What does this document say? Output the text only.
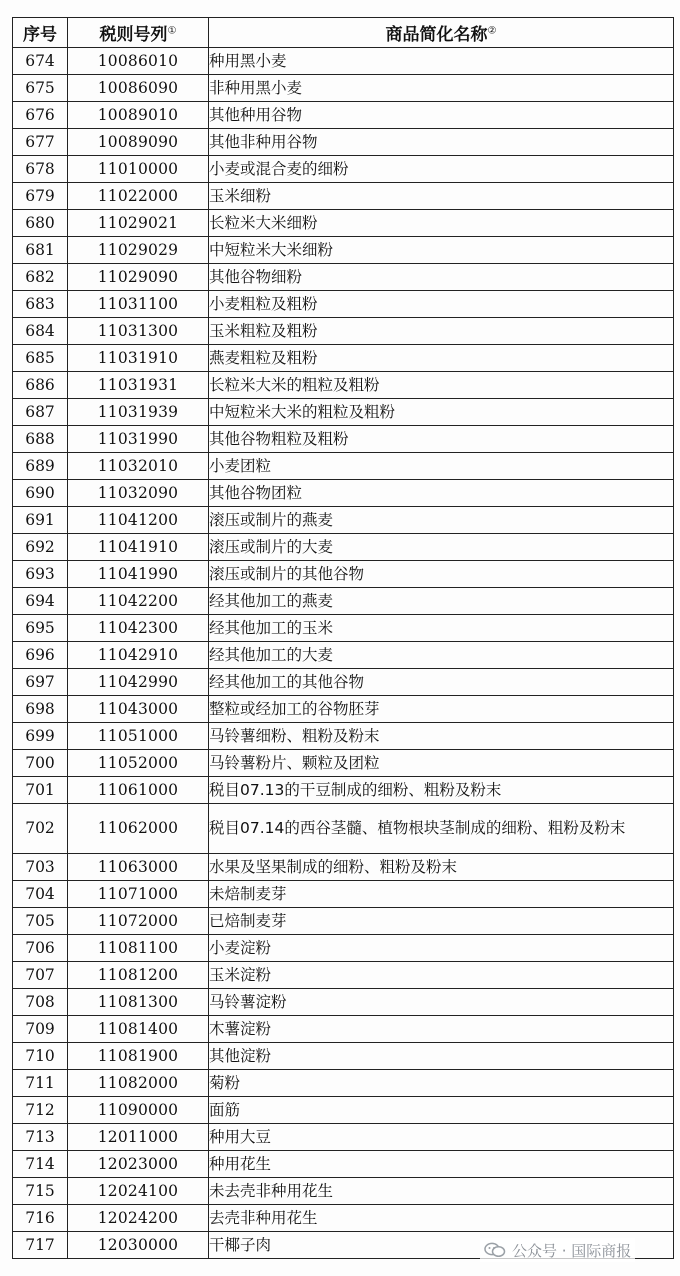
序号	税则号列①	商品简化名称②
674	10086010	种用黑小麦
675	10086090	非种用黑小麦
676	10089010	其他种用谷物
677	10089090	其他非种用谷物
678	11010000	小麦或混合麦的细粉
679	11022000	玉米细粉
680	11029021	长粒米大米细粉
681	11029029	中短粒米大米细粉
682	11029090	其他谷物细粉
683	11031100	小麦粗粒及粗粉
684	11031300	玉米粗粒及粗粉
685	11031910	燕麦粗粒及粗粉
686	11031931	长粒米大米的粗粒及粗粉
687	11031939	中短粒米大米的粗粒及粗粉
688	11031990	其他谷物粗粒及粗粉
689	11032010	小麦团粒
690	11032090	其他谷物团粒
691	11041200	滚压或制片的燕麦
692	11041910	滚压或制片的大麦
693	11041990	滚压或制片的其他谷物
694	11042200	经其他加工的燕麦
695	11042300	经其他加工的玉米
696	11042910	经其他加工的大麦
697	11042990	经其他加工的其他谷物
698	11043000	整粒或经加工的谷物胚芽
699	11051000	马铃薯细粉、粗粉及粉末
700	11052000	马铃薯粉片、颗粒及团粒
701	11061000	税目07.13的干豆制成的细粉、粗粉及粉末
702	11062000	税目07.14的西谷茎髓、植物根块茎制成的细粉、粗粉及粉末
703	11063000	水果及坚果制成的细粉、粗粉及粉末
704	11071000	未焙制麦芽
705	11072000	已焙制麦芽
706	11081100	小麦淀粉
707	11081200	玉米淀粉
708	11081300	马铃薯淀粉
709	11081400	木薯淀粉
710	11081900	其他淀粉
711	11082000	菊粉
712	11090000	面筋
713	12011000	种用大豆
714	12023000	种用花生
715	12024100	未去壳非种用花生
716	12024200	去壳非种用花生
717	12030000	干椰子肉	公众号 · 国际商报
